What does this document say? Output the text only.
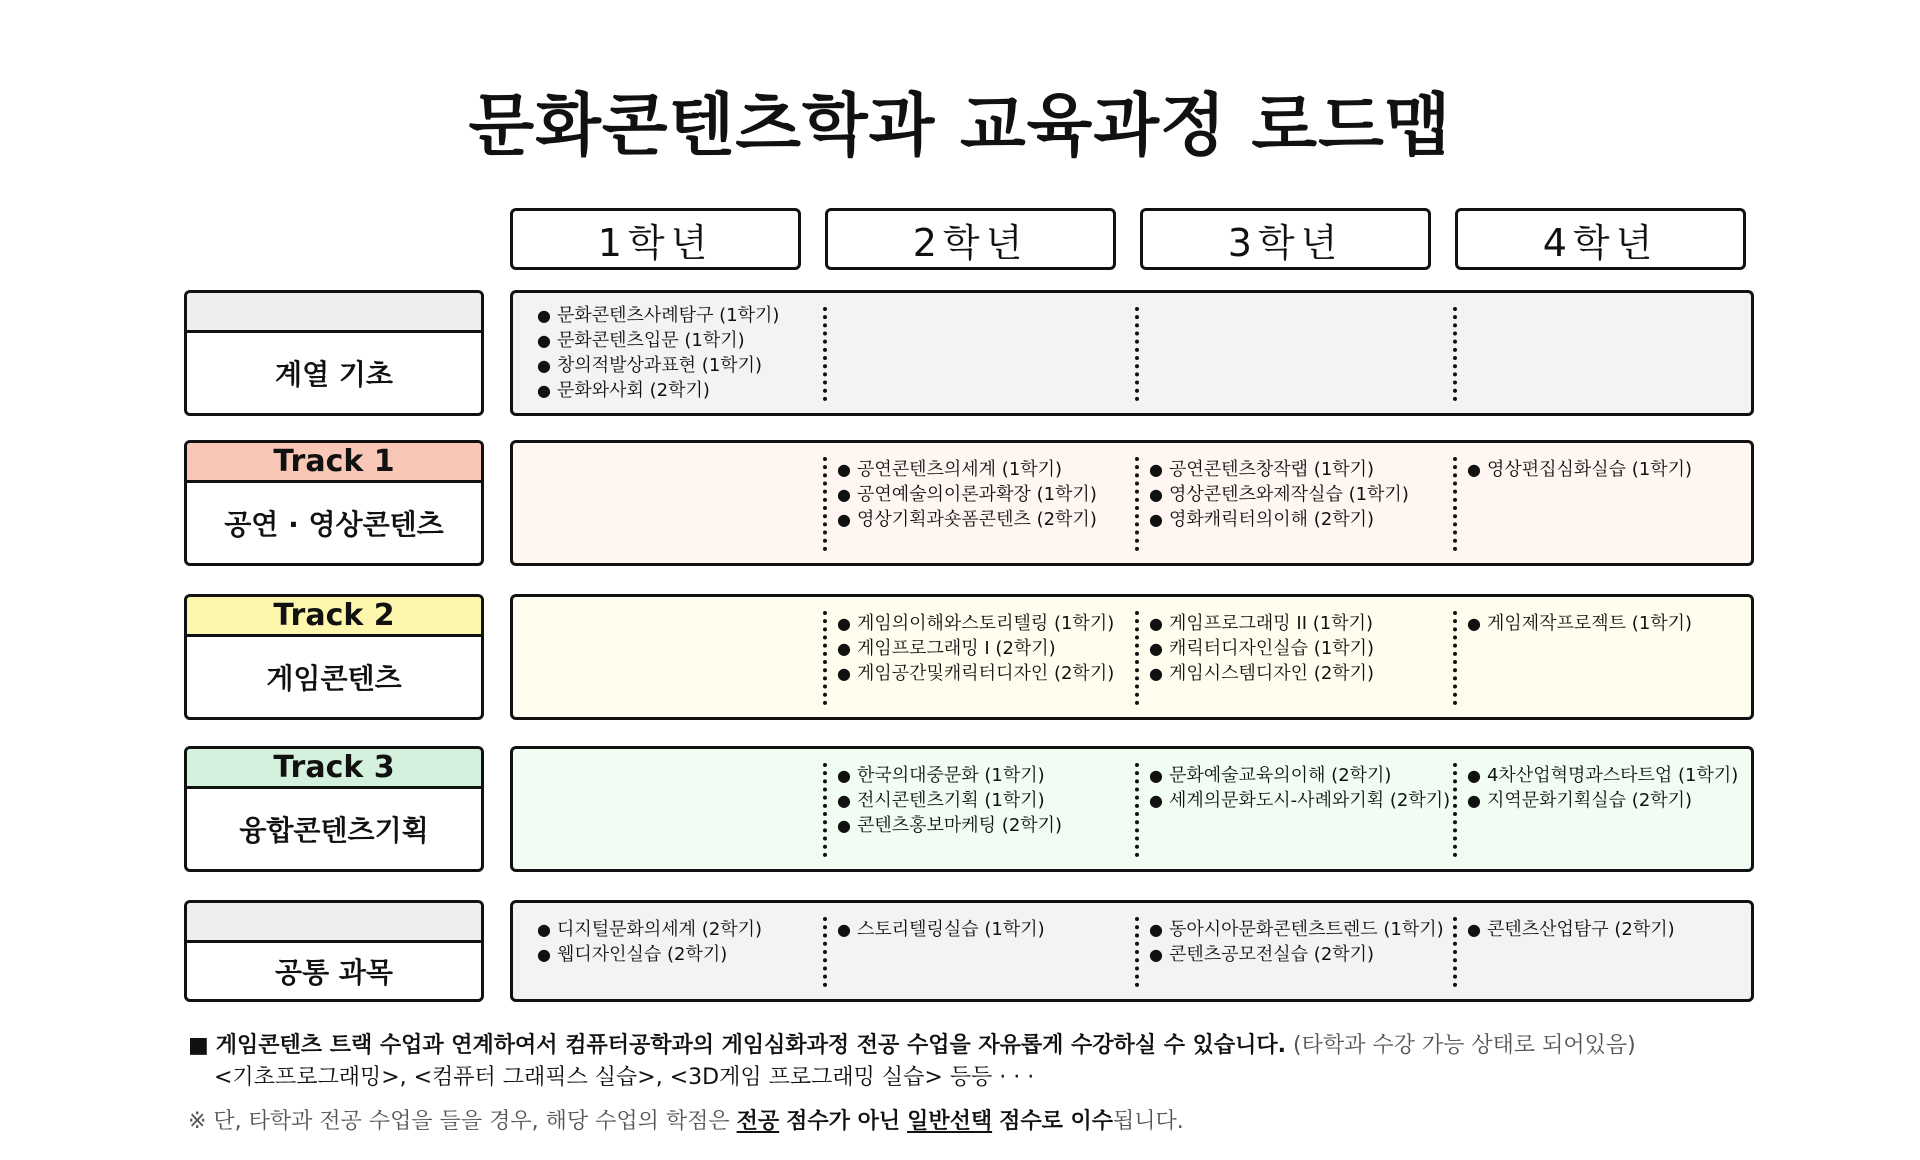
문화콘텐츠학과 교육과정 로드맵
1학년	2학년	3학년	4학년
계열 기초
● 문화콘텐츠사례탐구 (1학기)
● 문화콘텐츠입문 (1학기)
● 창의적발상과표현 (1학기)
● 문화와사회 (2학기)
Track 1
공연 · 영상콘텐츠
● 공연콘텐츠의세계 (1학기)
● 공연예술의이론과확장 (1학기)
● 영상기획과숏폼콘텐츠 (2학기)
● 공연콘텐츠창작랩 (1학기)
● 영상콘텐츠와제작실습 (1학기)
● 영화캐릭터의이해 (2학기)
● 영상편집심화실습 (1학기)
Track 2
게임콘텐츠
● 게임의이해와스토리텔링 (1학기)
● 게임프로그래밍 I (2학기)
● 게임공간및캐릭터디자인 (2학기)
● 게임프로그래밍 II (1학기)
● 캐릭터디자인실습 (1학기)
● 게임시스템디자인 (2학기)
● 게임제작프로젝트 (1학기)
Track 3
융합콘텐츠기획
● 한국의대중문화 (1학기)
● 전시콘텐츠기획 (1학기)
● 콘텐츠홍보마케팅 (2학기)
● 문화예술교육의이해 (2학기)
● 세계의문화도시-사례와기획 (2학기)
● 4차산업혁명과스타트업 (1학기)
● 지역문화기획실습 (2학기)
공통 과목
● 디지털문화의세계 (2학기)
● 웹디자인실습 (2학기)
● 스토리텔링실습 (1학기)
●	동아시아문화콘텐츠트렌드 (1학기)
● 콘텐츠공모전실습 (2학기)
● 콘텐츠산업탐구 (2학기)
■ 게임콘텐츠 트랙 수업과 연계하여서 컴퓨터공학과의 게임심화과정 전공 수업을 자유롭게 수강하실 수 있습니다. (타학과 수강 가능 상태로 되어있음)
<기초프로그래밍>, <컴퓨터 그래픽스 실습>, <3D게임 프로그래밍 실습> 등등 · · ·
※ 단, 타학과 전공 수업을 들을 경우, 해당 수업의 학점은 전공 점수가 아닌 일반선택 점수로 이수됩니다.
